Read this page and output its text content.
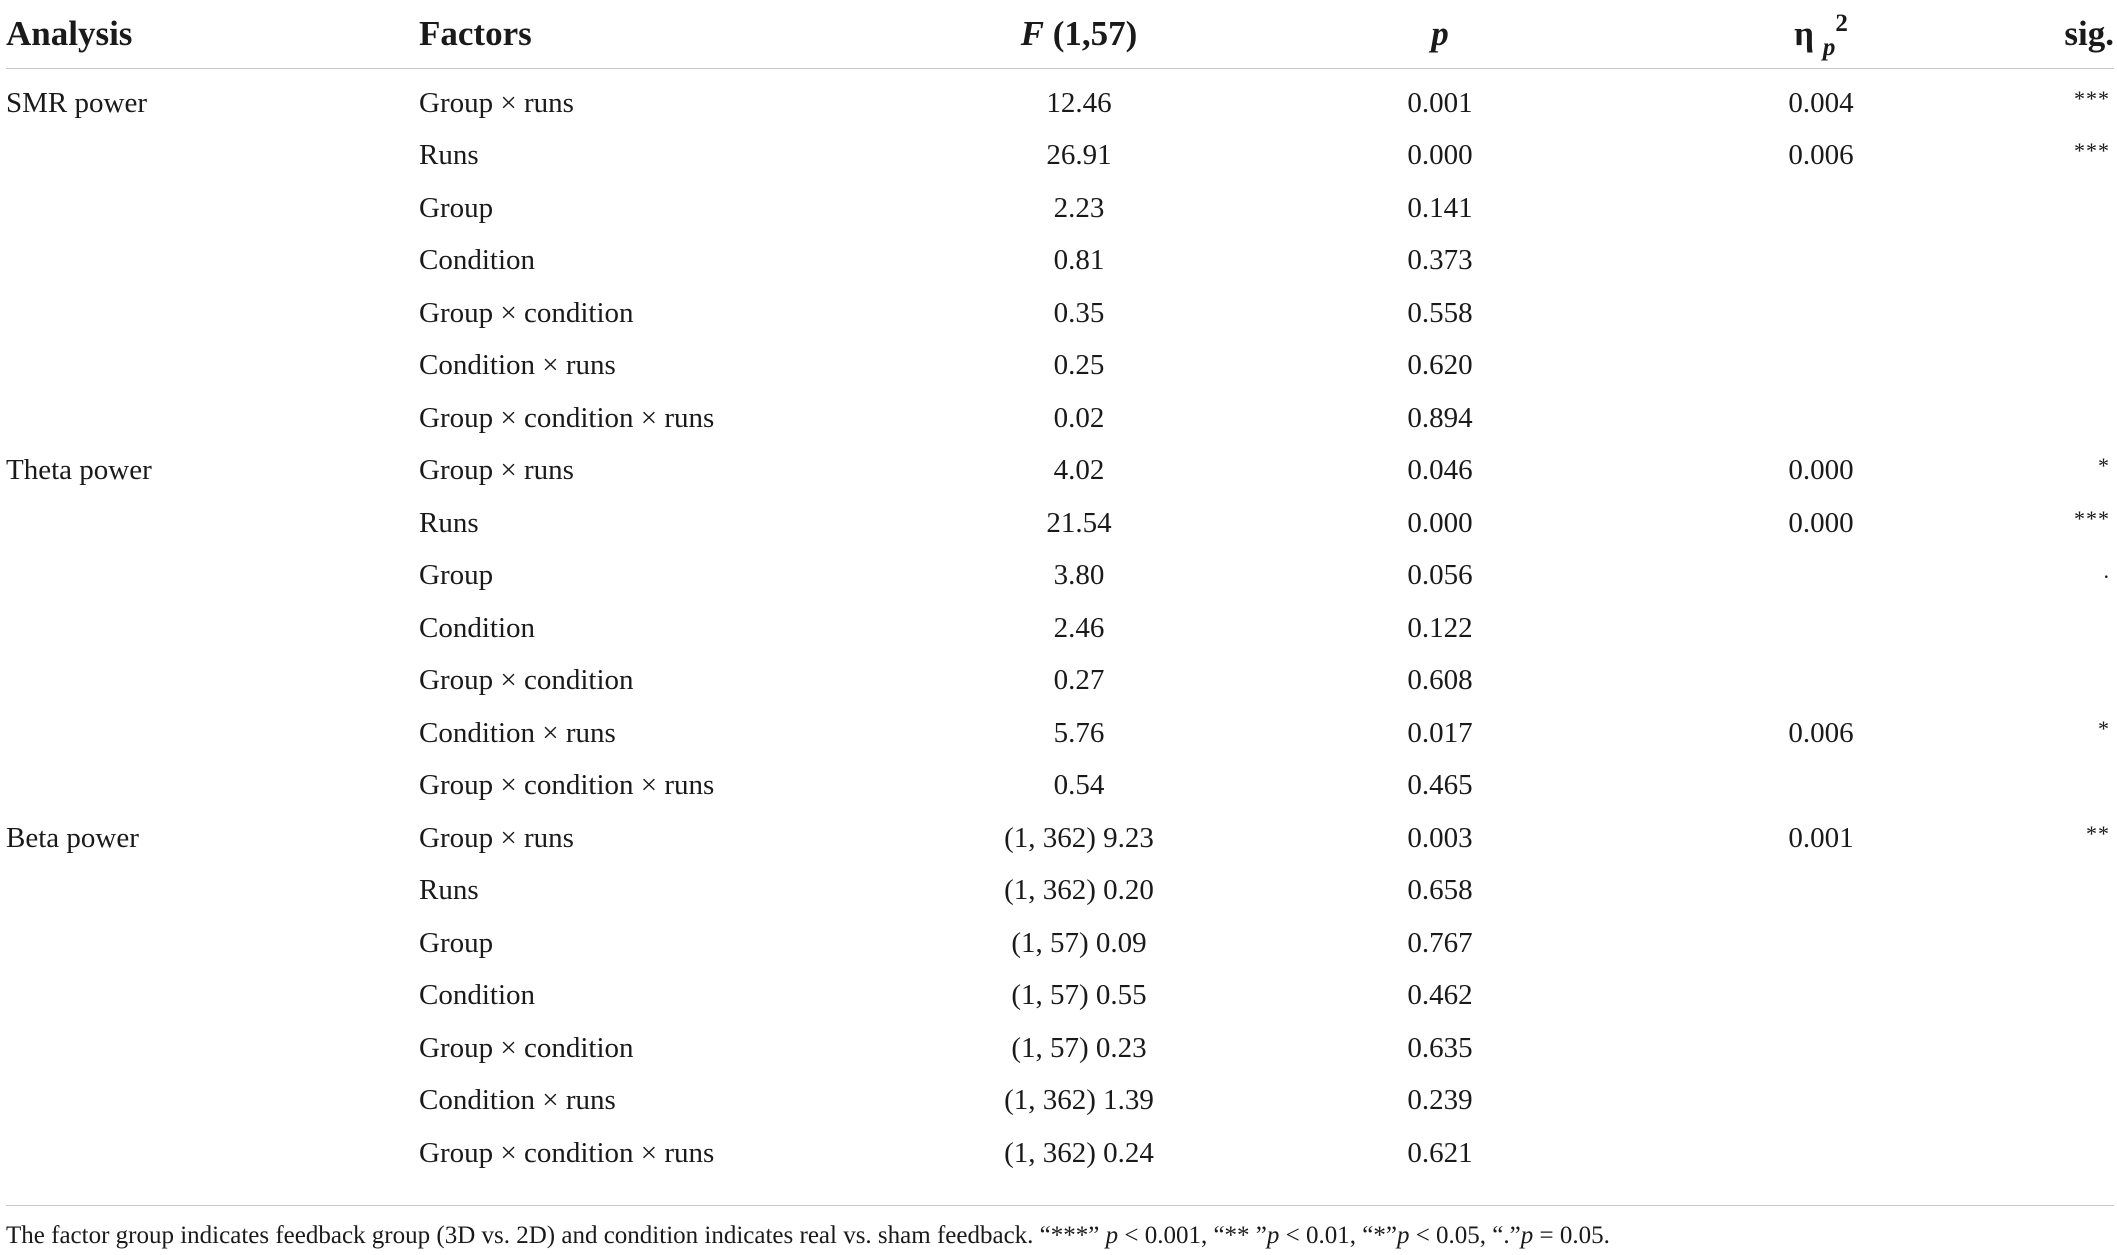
Analysis	Factors	F (1,57)	p	η $_p^2$	sig.
SMR power	Group × runs	12.46	0.001	0.004	***
	Runs	26.91	0.000	0.006	***
	Group	2.23	0.141		
	Condition	0.81	0.373		
	Group × condition	0.35	0.558		
	Condition × runs	0.25	0.620		
	Group × condition × runs	0.02	0.894		
Theta power	Group × runs	4.02	0.046	0.000	*
	Runs	21.54	0.000	0.000	***
	Group	3.80	0.056		.
	Condition	2.46	0.122		
	Group × condition	0.27	0.608		
	Condition × runs	5.76	0.017	0.006	*
	Group × condition × runs	0.54	0.465		
Beta power	Group × runs	(1, 362) 9.23	0.003	0.001	**
	Runs	(1, 362) 0.20	0.658		
	Group	(1, 57) 0.09	0.767		
	Condition	(1, 57) 0.55	0.462		
	Group × condition	(1, 57) 0.23	0.635		
	Condition × runs	(1, 362) 1.39	0.239		
	Group × condition × runs	(1, 362) 0.24	0.621		
The factor group indicates feedback group (3D vs. 2D) and condition indicates real vs. sham feedback. “***” p < 0.001, “** ”p < 0.01, “*”p < 0.05, “.”p = 0.05.
